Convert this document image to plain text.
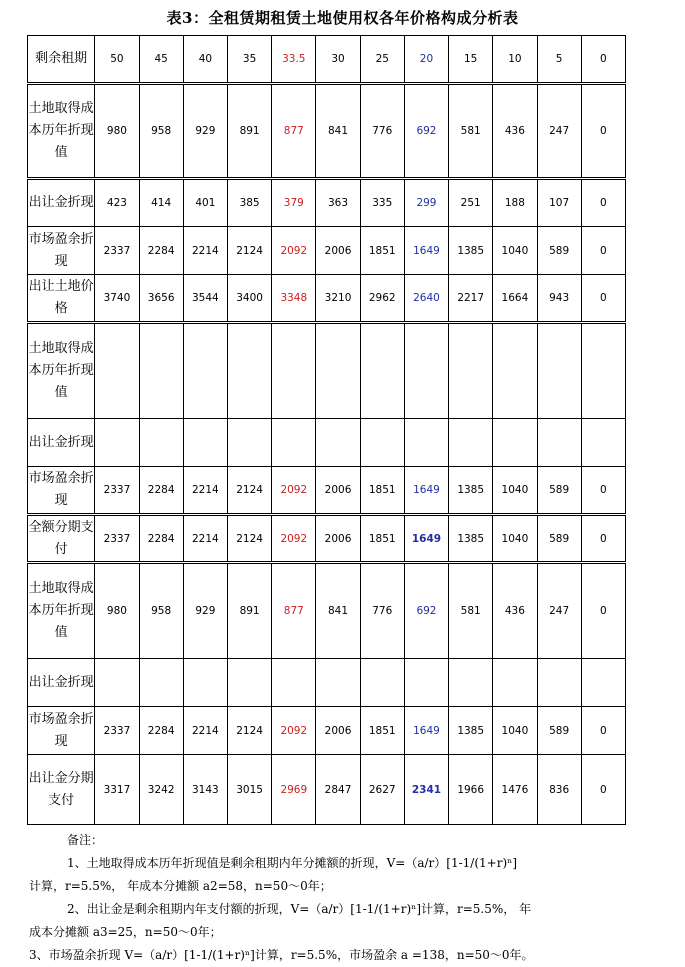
表3：全租赁期租赁土地使用权各年价格构成分析表
剩余租期	50	45	40	35	33.5	30	25	20	15	10	5	0
土地取得成本历年折现值	980	958	929	891	877	841	776	692	581	436	247	0
出让金折现	423	414	401	385	379	363	335	299	251	188	107	0
市场盈余折现	2337	2284	2214	2124	2092	2006	1851	1649	1385	1040	589	0
出让土地价格	3740	3656	3544	3400	3348	3210	2962	2640	2217	1664	943	0
土地取得成本历年折现值												
出让金折现												
市场盈余折现	2337	2284	2214	2124	2092	2006	1851	1649	1385	1040	589	0
全额分期支付	2337	2284	2214	2124	2092	2006	1851	1649	1385	1040	589	0
土地取得成本历年折现值	980	958	929	891	877	841	776	692	581	436	247	0
出让金折现												
市场盈余折现	2337	2284	2214	2124	2092	2006	1851	1649	1385	1040	589	0
出让金分期支付	3317	3242	3143	3015	2969	2847	2627	2341	1966	1476	836	0

备注：

1、土地取得成本历年折现值是剩余租期内年分摊额的折现，V=（a/r）[1-1/(1+r)ⁿ]

计算，r=5.5%， 年成本分摊额 a2=58，n=50～0年；

2、出让金是剩余租期内年支付额的折现，V=（a/r）[1-1/(1+r)ⁿ]计算，r=5.5%， 年

成本分摊额 a3=25，n=50～0年；

3、市场盈余折现 V=（a/r）[1-1/(1+r)ⁿ]计算，r=5.5%，市场盈余 a =138，n=50～0年。
